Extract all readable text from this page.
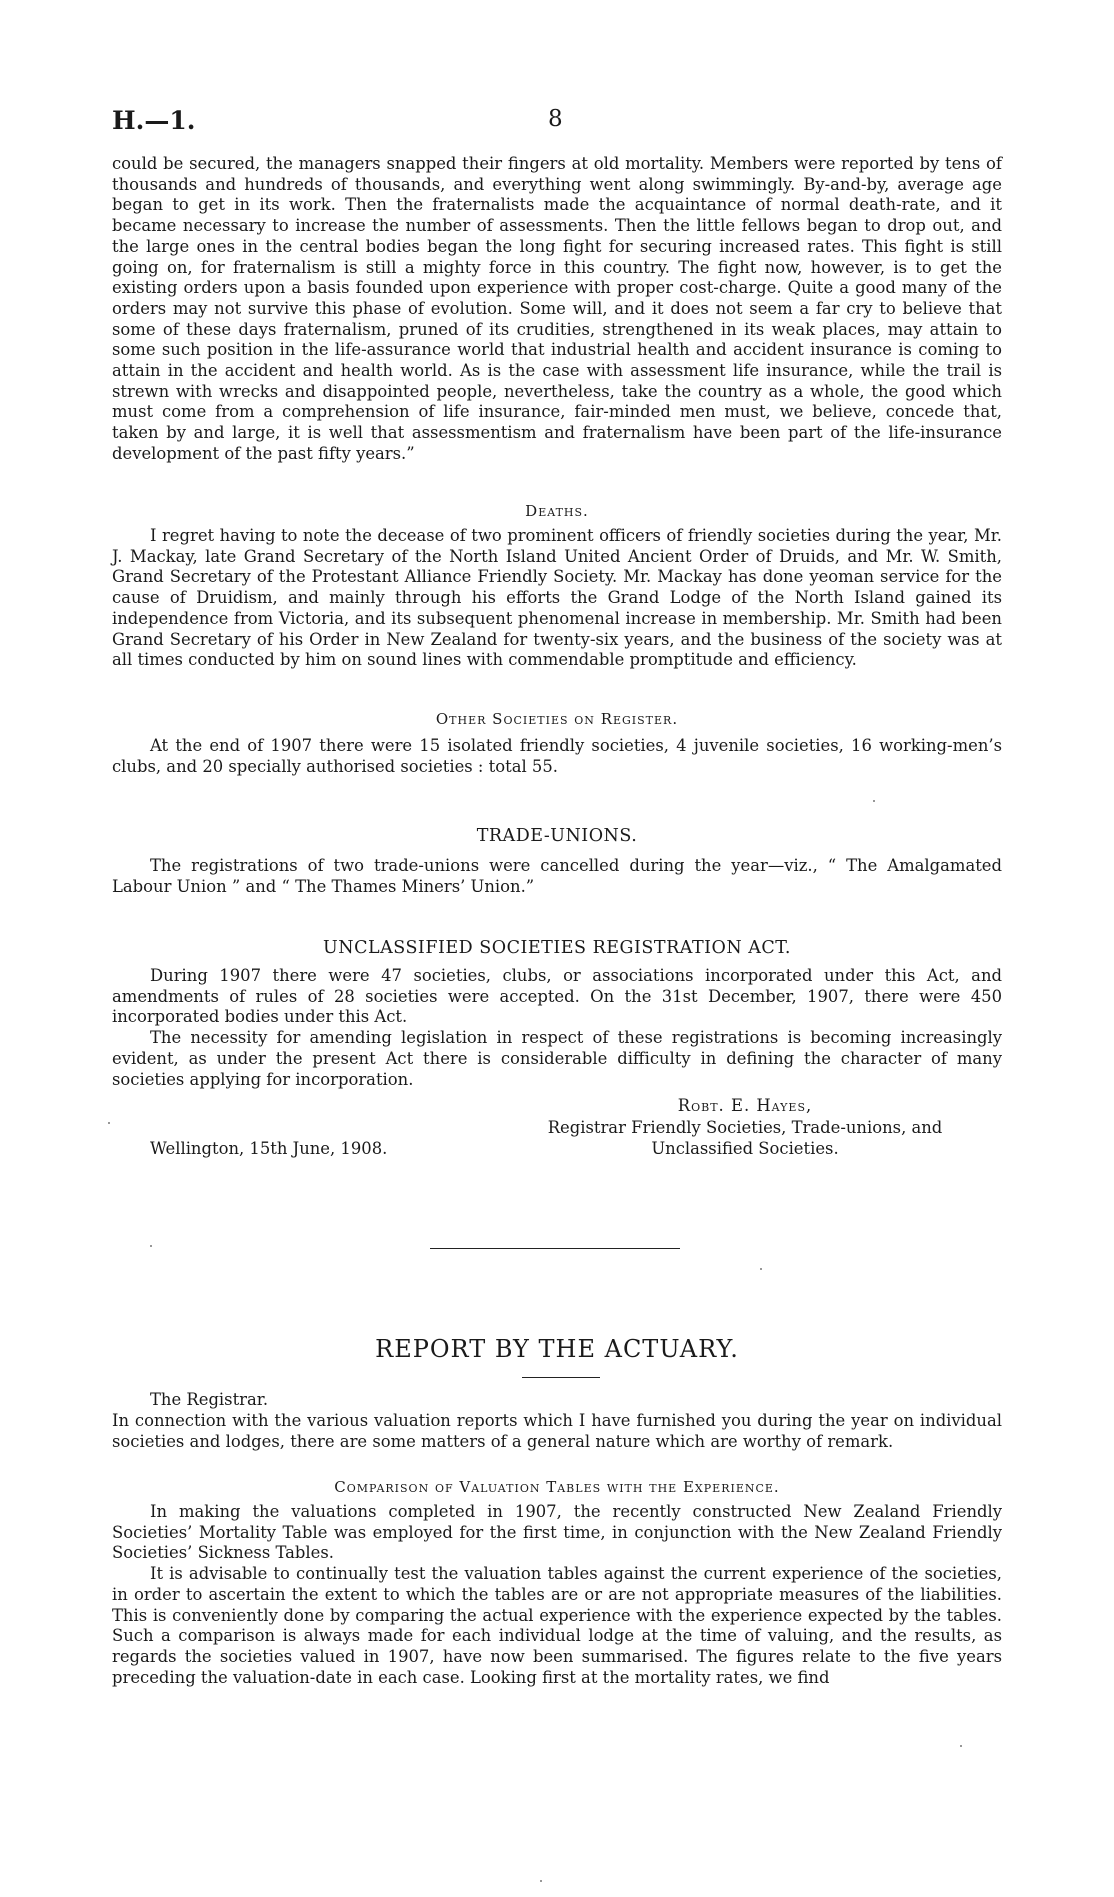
H.—1.	8

could be secured, the managers snapped their fingers at old mortality. Members were reported by tens of thousands and hundreds of thousands, and everything went along swimmingly. By-and-by, average age began to get in its work. Then the fraternalists made the acquaintance of normal death-rate, and it became necessary to increase the number of assessments. Then the little fellows began to drop out, and the large ones in the central bodies began the long fight for securing increased rates. This fight is still going on, for fraternalism is still a mighty force in this country. The fight now, however, is to get the existing orders upon a basis founded upon experience with proper cost-charge. Quite a good many of the orders may not survive this phase of evolution. Some will, and it does not seem a far cry to believe that some of these days fraternalism, pruned of its crudities, strengthened in its weak places, may attain to some such position in the life-assurance world that industrial health and accident insurance is coming to attain in the accident and health world. As is the case with assessment life insurance, while the trail is strewn with wrecks and disappointed people, nevertheless, take the country as a whole, the good which must come from a comprehension of life insurance, fair-minded men must, we believe, concede that, taken by and large, it is well that assessmentism and fraternalism have been part of the life-insurance development of the past fifty years.”

Deaths.

I regret having to note the decease of two prominent officers of friendly societies during the year, Mr. J. Mackay, late Grand Secretary of the North Island United Ancient Order of Druids, and Mr. W. Smith, Grand Secretary of the Protestant Alliance Friendly Society. Mr. Mackay has done yeoman service for the cause of Druidism, and mainly through his efforts the Grand Lodge of the North Island gained its independence from Victoria, and its subsequent phenomenal increase in membership. Mr. Smith had been Grand Secretary of his Order in New Zealand for twenty-six years, and the business of the society was at all times conducted by him on sound lines with commendable promptitude and efficiency.

Other Societies on Register.

At the end of 1907 there were 15 isolated friendly societies, 4 juvenile societies, 16 working-men’s clubs, and 20 specially authorised societies : total 55.

TRADE-UNIONS.

The registrations of two trade-unions were cancelled during the year—viz., “ The Amalgamated Labour Union ” and “ The Thames Miners’ Union.”

UNCLASSIFIED SOCIETIES REGISTRATION ACT.

During 1907 there were 47 societies, clubs, or associations incorporated under this Act, and amendments of rules of 28 societies were accepted. On the 31st December, 1907, there were 450 incorporated bodies under this Act.

The necessity for amending legislation in respect of these registrations is becoming increasingly evident, as under the present Act there is considerable difficulty in defining the character of many societies applying for incorporation.

Robt. E. Hayes,
Registrar Friendly Societies, Trade-unions, and
Unclassified Societies.
Wellington, 15th June, 1908.
REPORT BY THE ACTUARY.
The Registrar.

In connection with the various valuation reports which I have furnished you during the year on individual societies and lodges, there are some matters of a general nature which are worthy of remark.

Comparison of Valuation Tables with the Experience.

In making the valuations completed in 1907, the recently constructed New Zealand Friendly Societies’ Mortality Table was employed for the first time, in conjunction with the New Zealand Friendly Societies’ Sickness Tables.

It is advisable to continually test the valuation tables against the current experience of the societies, in order to ascertain the extent to which the tables are or are not appropriate measures of the liabilities. This is conveniently done by comparing the actual experience with the experience expected by the tables. Such a comparison is always made for each individual lodge at the time of valuing, and the results, as regards the societies valued in 1907, have now been summarised. The figures relate to the five years preceding the valuation-date in each case. Looking first at the mortality rates, we find
